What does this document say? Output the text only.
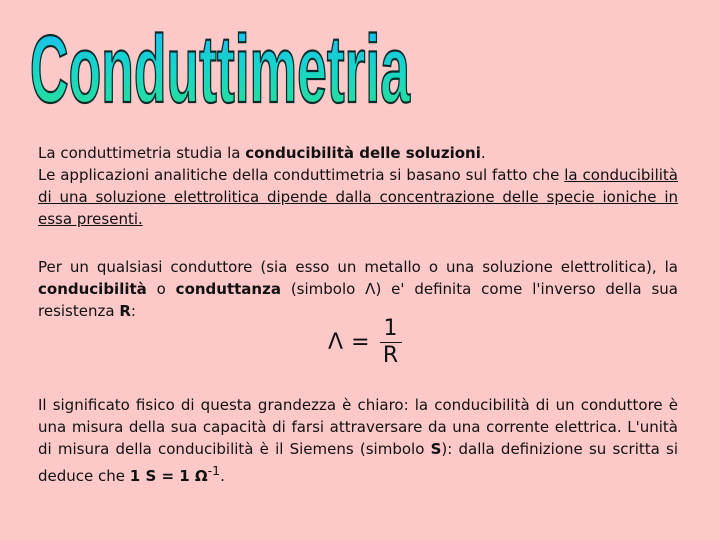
Conduttimetria

La conduttimetria studia la conducibilità delle soluzioni.
Le applicazioni analitiche della conduttimetria si basano sul fatto che la conducibilità di una soluzione elettrolitica dipende dalla concentrazione delle specie ioniche in essa presenti.

Per un qualsiasi conduttore (sia esso un metallo o una soluzione elettrolitica), la conducibilità o conduttanza (simbolo Λ) e' definita come l'inverso della sua resistenza R:

$\Lambda = \frac{1}{R}$

Il significato fisico di questa grandezza è chiaro: la conducibilità di un conduttore è una misura della sua capacità di farsi attraversare da una corrente elettrica. L'unità di misura della conducibilità è il Siemens (simbolo S): dalla definizione su scritta si deduce che 1 S = 1 $\Omega^{-1}$.
